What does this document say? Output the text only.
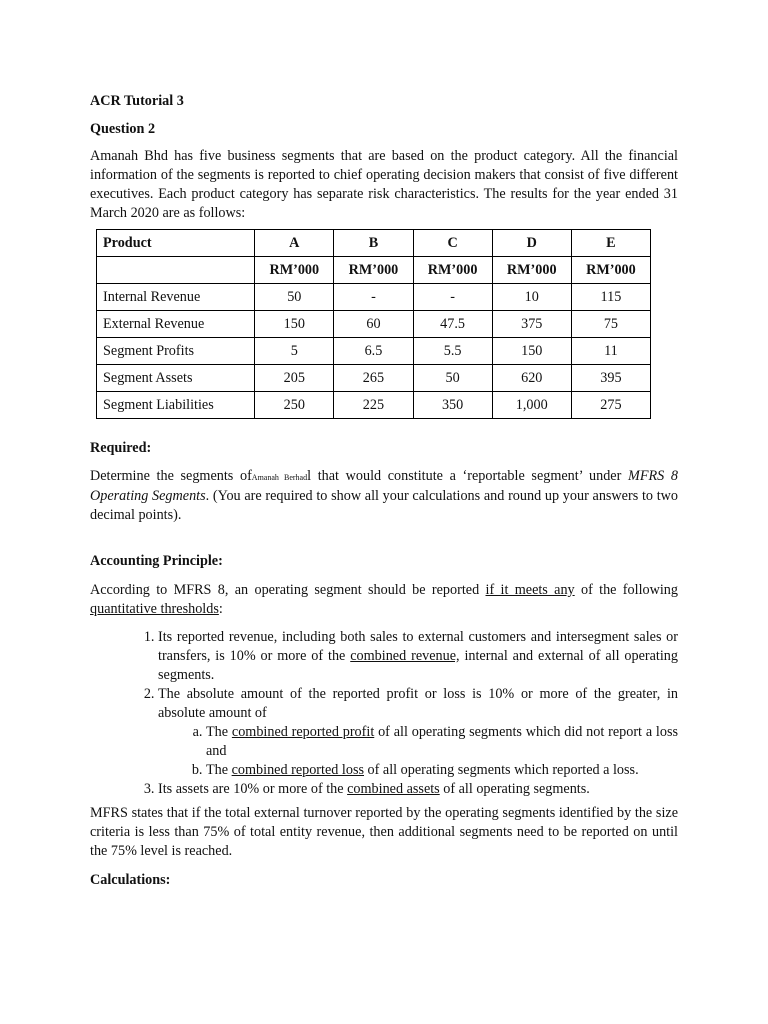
ACR Tutorial 3
Question 2

Amanah Bhd has five business segments that are based on the product category. All the financial information of the segments is reported to chief operating decision makers that consist of five different executives. Each product category has separate risk characteristics. The results for the year ended 31 March 2020 are as follows:

Product	A	B	C	D	E
	RM’000	RM’000	RM’000	RM’000	RM’000
Internal Revenue	50	-	-	10	115
External Revenue	150	60	47.5	375	75
Segment Profits	5	6.5	5.5	150	11
Segment Assets	205	265	50	620	395
Segment Liabilities	250	225	350	1,000	275
Required:

Determine the segments ofAmanah Berhadl that would constitute a ‘reportable segment’ under MFRS 8 Operating Segments. (You are required to show all your calculations and round up your answers to two decimal points).

Accounting Principle:

According to MFRS 8, an operating segment should be reported if it meets any of the following quantitative thresholds:

1. Its reported revenue, including both sales to external customers and intersegment sales or transfers, is 10% or more of the combined revenue, internal and external of all operating segments.
2. The absolute amount of the reported profit or loss is 10% or more of the greater, in absolute amount of
a. The combined reported profit of all operating segments which did not report a loss and
b. The combined reported loss of all operating segments which reported a loss.
3. Its assets are 10% or more of the combined assets of all operating segments.

MFRS states that if the total external turnover reported by the operating segments identified by the size criteria is less than 75% of total entity revenue, then additional segments need to be reported on until the 75% level is reached.

Calculations:
